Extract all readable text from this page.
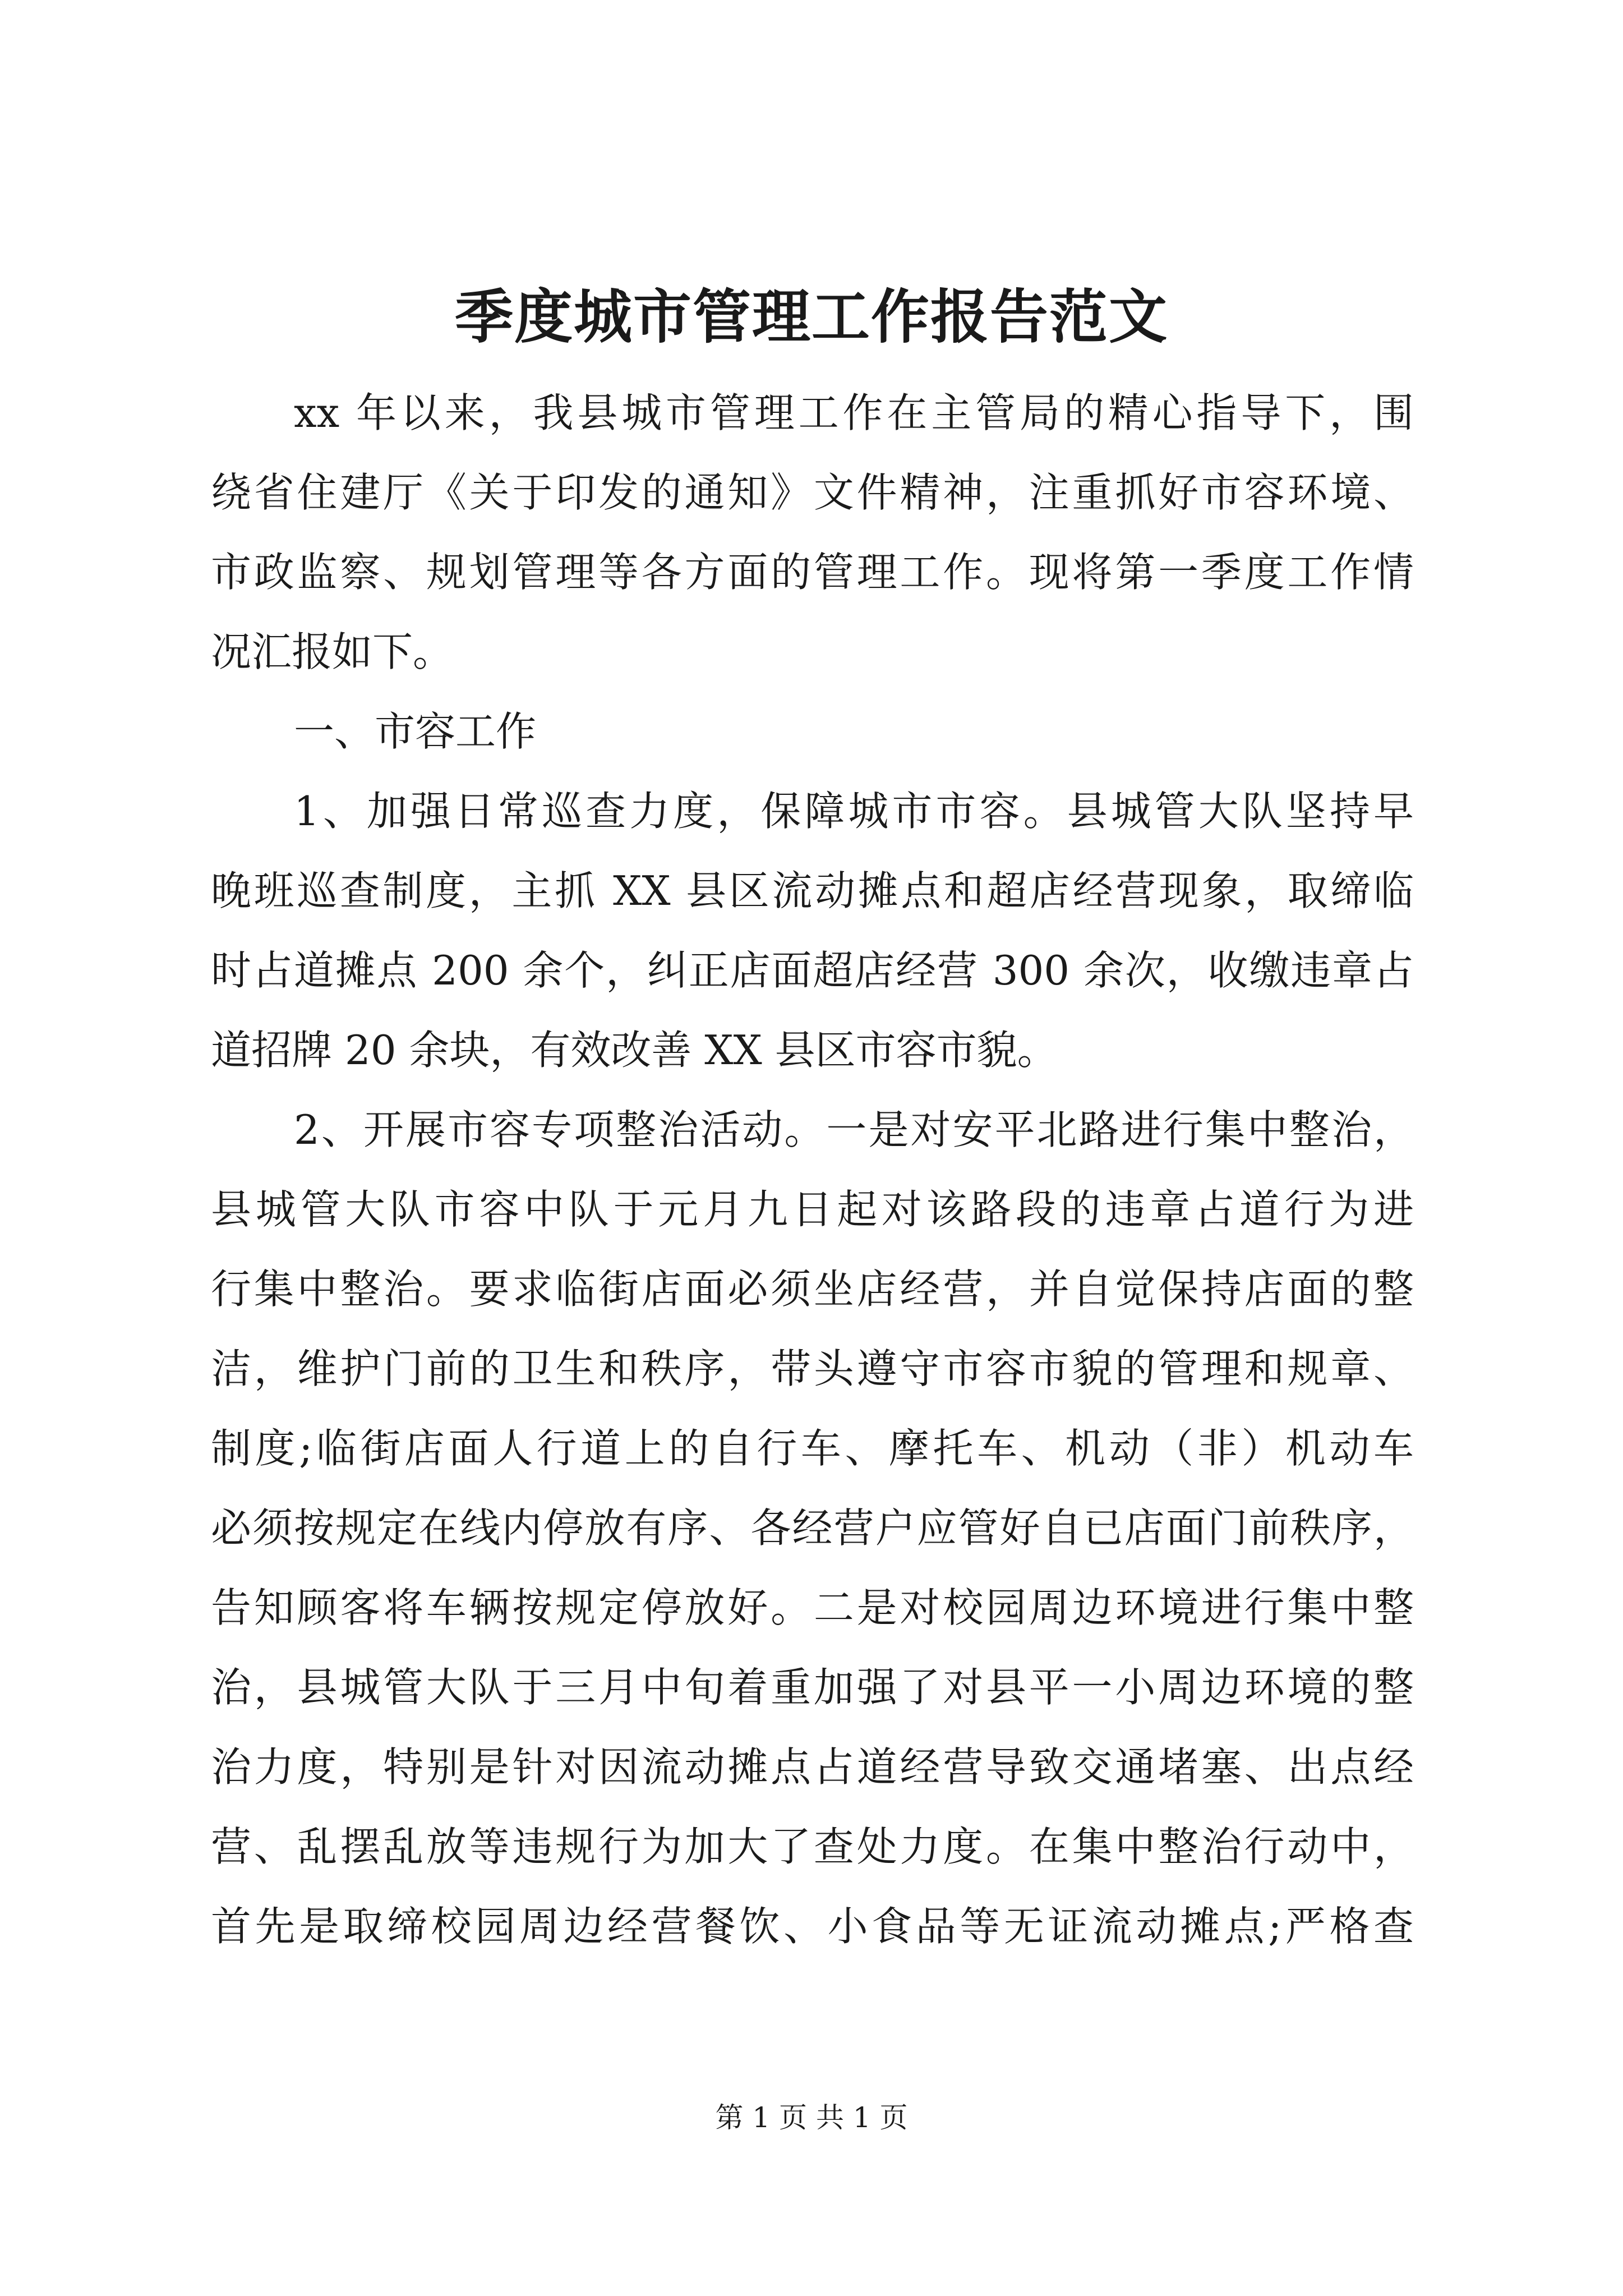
季度城市管理工作报告范文
xx 年以来，我县城市管理工作在主管局的精心指导下，围
绕省住建厅《关于印发的通知》文件精神，注重抓好市容环境、
市政监察、规划管理等各方面的管理工作。现将第一季度工作情
况汇报如下。
一、市容工作
1、加强日常巡查力度，保障城市市容。县城管大队坚持早
晚班巡查制度，主抓 XX 县区流动摊点和超店经营现象，取缔临
时占道摊点 200 余个，纠正店面超店经营 300 余次，收缴违章占
道招牌 20 余块，有效改善 XX 县区市容市貌。
2、开展市容专项整治活动。一是对安平北路进行集中整治，
县城管大队市容中队于元月九日起对该路段的违章占道行为进
行集中整治。要求临街店面必须坐店经营，并自觉保持店面的整
洁，维护门前的卫生和秩序，带头遵守市容市貌的管理和规章、
制度;临街店面人行道上的自行车、摩托车、机动（非）机动车
必须按规定在线内停放有序、各经营户应管好自已店面门前秩序，
告知顾客将车辆按规定停放好。二是对校园周边环境进行集中整
治，县城管大队于三月中旬着重加强了对县平一小周边环境的整
治力度，特别是针对因流动摊点占道经营导致交通堵塞、出点经
营、乱摆乱放等违规行为加大了查处力度。在集中整治行动中，
首先是取缔校园周边经营餐饮、小食品等无证流动摊点;严格查
第 1 页 共 1 页
